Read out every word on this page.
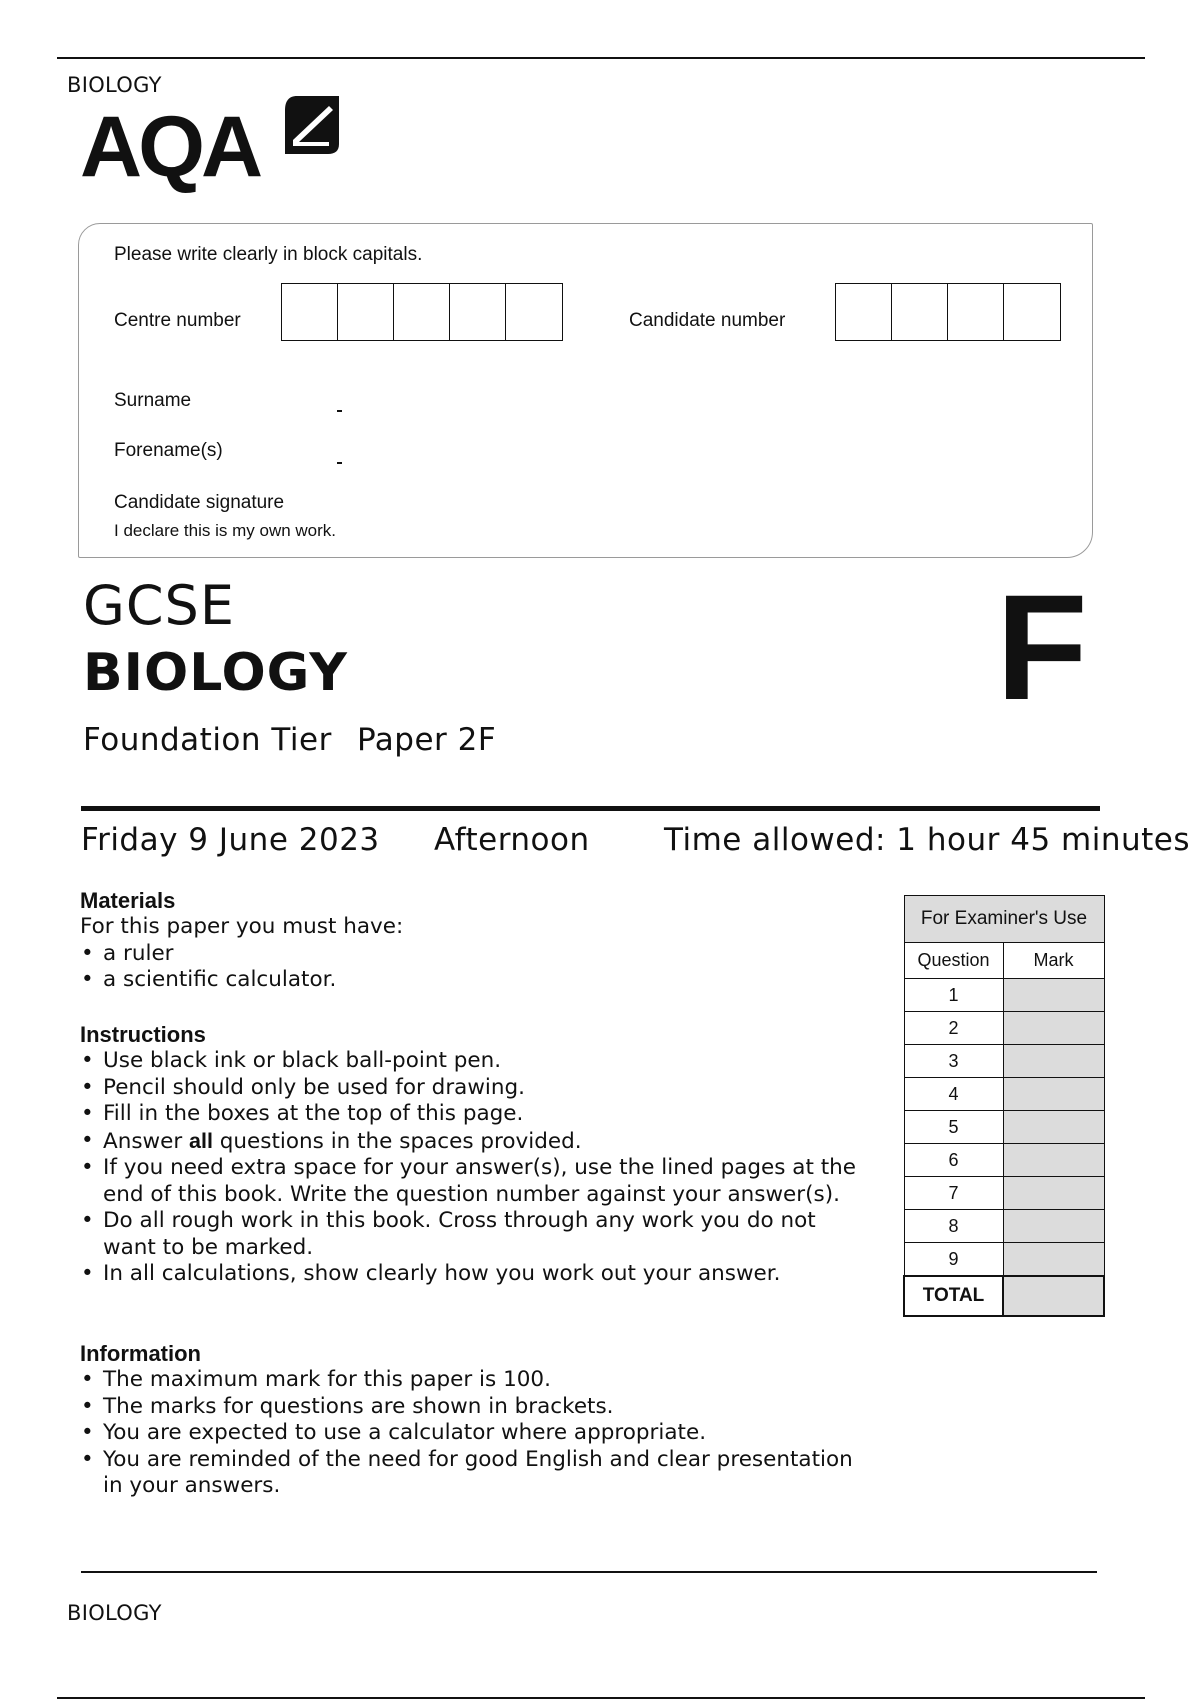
BIOLOGY
AQA
Please write clearly in block capitals.
Centre number	Candidate number
Surname
Forename(s)
Candidate signature
I declare this is my own work.
GCSE
BIOLOGY
Foundation Tier Paper 2F
F
Friday 9 June 2023 Afternoon Time allowed: 1 hour 45 minutes
Materials

For this paper you must have:

• a ruler
• a scientific calculator.
Instructions
• Use black ink or black ball-point pen.
• Pencil should only be used for drawing.
• Fill in the boxes at the top of this page.
• Answer all questions in the spaces provided.
• If you need extra space for your answer(s), use the lined pages at the end of this book. Write the question number against your answer(s).
• Do all rough work in this book. Cross through any work you do not want to be marked.
• In all calculations, show clearly how you work out your answer.
Information
• The maximum mark for this paper is 100.
• The marks for questions are shown in brackets.
• You are expected to use a calculator where appropriate.
• You are reminded of the need for good English and clear presentation in your answers.
For Examiner's Use	
Question	Mark
1	
2	
3	
4	
5	
6	
7	
8	
9	
TOTAL	
BIOLOGY
